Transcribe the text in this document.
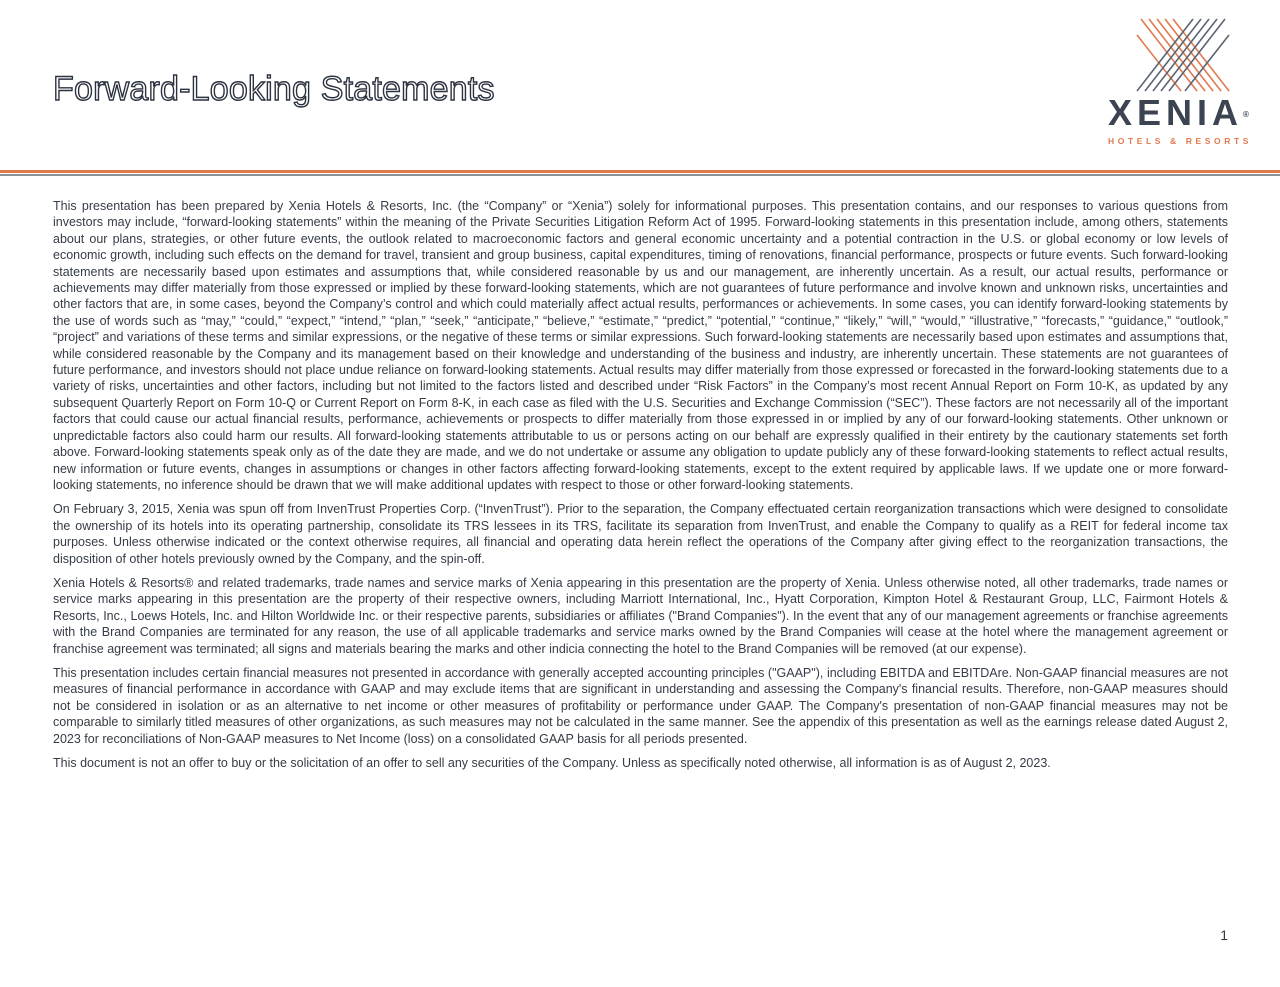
Forward-Looking Statements
XENIA®
HOTELS & RESORTS

This presentation has been prepared by Xenia Hotels & Resorts, Inc. (the “Company” or “Xenia”) solely for informational purposes. This presentation contains, and our responses to various questions from investors may include, “forward-looking statements” within the meaning of the Private Securities Litigation Reform Act of 1995. Forward-looking statements in this presentation include, among others, statements about our plans, strategies, or other future events, the outlook related to macroeconomic factors and general economic uncertainty and a potential contraction in the U.S. or global economy or low levels of economic growth, including such effects on the demand for travel, transient and group business, capital expenditures, timing of renovations, financial performance, prospects or future events. Such forward-looking statements are necessarily based upon estimates and assumptions that, while considered reasonable by us and our management, are inherently uncertain. As a result, our actual results, performance or achievements may differ materially from those expressed or implied by these forward-looking statements, which are not guarantees of future performance and involve known and unknown risks, uncertainties and other factors that are, in some cases, beyond the Company’s control and which could materially affect actual results, performances or achievements. In some cases, you can identify forward-looking statements by the use of words such as “may,” “could,” “expect,” “intend,” “plan,” “seek,” “anticipate,” “believe,” “estimate,” “predict,” “potential,” “continue,” “likely,” “will,” “would,” “illustrative,” “forecasts,” “guidance,” “outlook,” “project” and variations of these terms and similar expressions, or the negative of these terms or similar expressions. Such forward-looking statements are necessarily based upon estimates and assumptions that, while considered reasonable by the Company and its management based on their knowledge and understanding of the business and industry, are inherently uncertain. These statements are not guarantees of future performance, and investors should not place undue reliance on forward-looking statements. Actual results may differ materially from those expressed or forecasted in the forward-looking statements due to a variety of risks, uncertainties and other factors, including but not limited to the factors listed and described under “Risk Factors” in the Company’s most recent Annual Report on Form 10-K, as updated by any subsequent Quarterly Report on Form 10-Q or Current Report on Form 8-K, in each case as filed with the U.S. Securities and Exchange Commission (“SEC”). These factors are not necessarily all of the important factors that could cause our actual financial results, performance, achievements or prospects to differ materially from those expressed in or implied by any of our forward-looking statements. Other unknown or unpredictable factors also could harm our results. All forward-looking statements attributable to us or persons acting on our behalf are expressly qualified in their entirety by the cautionary statements set forth above. Forward-looking statements speak only as of the date they are made, and we do not undertake or assume any obligation to update publicly any of these forward-looking statements to reflect actual results, new information or future events, changes in assumptions or changes in other factors affecting forward-looking statements, except to the extent required by applicable laws. If we update one or more forward-looking statements, no inference should be drawn that we will make additional updates with respect to those or other forward-looking statements.

On February 3, 2015, Xenia was spun off from InvenTrust Properties Corp. (“InvenTrust”). Prior to the separation, the Company effectuated certain reorganization transactions which were designed to consolidate the ownership of its hotels into its operating partnership, consolidate its TRS lessees in its TRS, facilitate its separation from InvenTrust, and enable the Company to qualify as a REIT for federal income tax purposes. Unless otherwise indicated or the context otherwise requires, all financial and operating data herein reflect the operations of the Company after giving effect to the reorganization transactions, the disposition of other hotels previously owned by the Company, and the spin-off.

Xenia Hotels & Resorts® and related trademarks, trade names and service marks of Xenia appearing in this presentation are the property of Xenia. Unless otherwise noted, all other trademarks, trade names or service marks appearing in this presentation are the property of their respective owners, including Marriott International, Inc., Hyatt Corporation, Kimpton Hotel & Restaurant Group, LLC, Fairmont Hotels & Resorts, Inc., Loews Hotels, Inc. and Hilton Worldwide Inc. or their respective parents, subsidiaries or affiliates ("Brand Companies"). In the event that any of our management agreements or franchise agreements with the Brand Companies are terminated for any reason, the use of all applicable trademarks and service marks owned by the Brand Companies will cease at the hotel where the management agreement or franchise agreement was terminated; all signs and materials bearing the marks and other indicia connecting the hotel to the Brand Companies will be removed (at our expense).

This presentation includes certain financial measures not presented in accordance with generally accepted accounting principles ("GAAP"), including EBITDA and EBITDAre. Non-GAAP financial measures are not measures of financial performance in accordance with GAAP and may exclude items that are significant in understanding and assessing the Company's financial results. Therefore, non-GAAP measures should not be considered in isolation or as an alternative to net income or other measures of profitability or performance under GAAP. The Company's presentation of non-GAAP financial measures may not be comparable to similarly titled measures of other organizations, as such measures may not be calculated in the same manner. See the appendix of this presentation as well as the earnings release dated August 2, 2023 for reconciliations of Non-GAAP measures to Net Income (loss) on a consolidated GAAP basis for all periods presented.

This document is not an offer to buy or the solicitation of an offer to sell any securities of the Company. Unless as specifically noted otherwise, all information is as of August 2, 2023.

1
